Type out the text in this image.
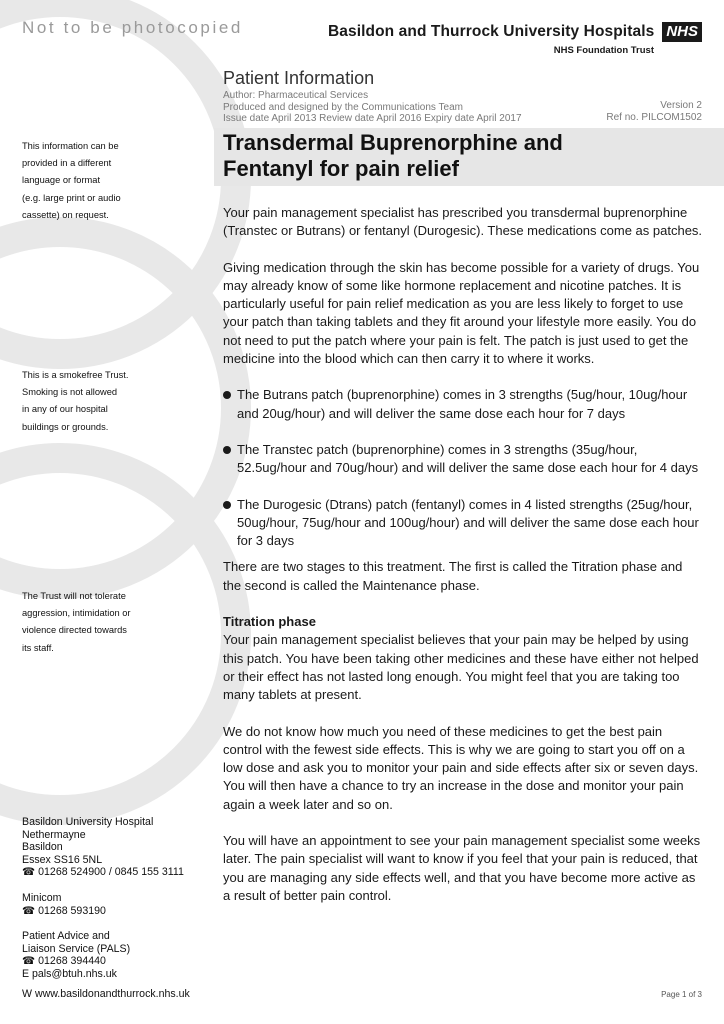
Not to be photocopied	Basildon and Thurrock University Hospitals NHS
NHS Foundation Trust
Patient Information
Author: Pharmaceutical Services
Produced and designed by the Communications Team
Issue date April 2013 Review date April 2016 Expiry date April 2017
Version 2
Ref no. PILCOM1502
Transdermal Buprenorphine and
Fentanyl for pain relief
This information can be
provided in a different
language or format
(e.g. large print or audio
cassette) on request.
This is a smokefree Trust.
Smoking is not allowed
in any of our hospital
buildings or grounds.
The Trust will not tolerate
aggression, intimidation or
violence directed towards
its staff.
Basildon University Hospital
Nethermayne
Basildon
Essex SS16 5NL
☎ 01268 524900 / 0845 155 3111
Minicom
☎ 01268 593190
Patient Advice and
Liaison Service (PALS)
☎ 01268 394440
E pals@btuh.nhs.uk
W www.basildonandthurrock.nhs.uk	Page 1 of 3

Your pain management specialist has prescribed you transdermal buprenorphine (Transtec or Butrans) or fentanyl (Durogesic). These medications come as patches.

Giving medication through the skin has become possible for a variety of drugs. You may already know of some like hormone replacement and nicotine patches. It is particularly useful for pain relief medication as you are less likely to forget to use your patch than taking tablets and they fit around your lifestyle more easily. You do not need to put the patch where your pain is felt. The patch is just used to get the medicine into the blood which can then carry it to where it works.

The Butrans patch (buprenorphine) comes in 3 strengths (5ug/hour, 10ug/hour and 20ug/hour) and will deliver the same dose each hour for 7 days
The Transtec patch (buprenorphine) comes in 3 strengths (35ug/hour, 52.5ug/hour and 70ug/hour) and will deliver the same dose each hour for 4 days
The Durogesic (Dtrans) patch (fentanyl) comes in 4 listed strengths (25ug/hour, 50ug/hour, 75ug/hour and 100ug/hour) and will deliver the same dose each hour for 3 days

There are two stages to this treatment. The first is called the Titration phase and the second is called the Maintenance phase.

Titration phase

Your pain management specialist believes that your pain may be helped by using this patch. You have been taking other medicines and these have either not helped or their effect has not lasted long enough. You might feel that you are taking too many tablets at present.

We do not know how much you need of these medicines to get the best pain control with the fewest side effects. This is why we are going to start you off on a low dose and ask you to monitor your pain and side effects after six or seven days. You will then have a chance to try an increase in the dose and monitor your pain again a week later and so on.

You will have an appointment to see your pain management specialist some weeks later. The pain specialist will want to know if you feel that your pain is reduced, that you are managing any side effects well, and that you have become more active as a result of better pain control.
